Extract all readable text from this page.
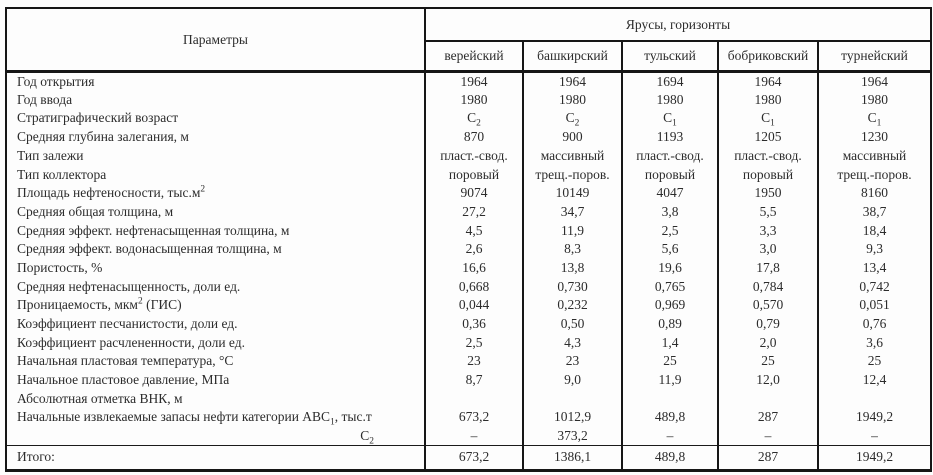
Параметры	Ярусы, горизонты				
	верейский	башкирский	тульский	бобриковский	турнейский
Год открытия	1964	1964	1694	1964	1964
Год ввода	1980	1980	1980	1980	1980
Стратиграфический возраст	$С_2$	$С_2$	$С_1$	$С_1$	$С_1$
Средняя глубина залегания, м	870	900	1193	1205	1230
Тип залежи	пласт.-свод.	массивный	пласт.-свод.	пласт.-свод.	массивный
Тип коллектора	поровый	трещ.-поров.	поровый	поровый	трещ.-поров.
Площадь нефтеносности, $тыс.м^2$	9074	10149	4047	1950	8160
Средняя общая толщина, м	27,2	34,7	3,8	5,5	38,7
Средняя эффект. нефтенасыщенная толщина, м	4,5	11,9	2,5	3,3	18,4
Средняя эффект. водонасыщенная толщина, м	2,6	8,3	5,6	3,0	9,3
Пористость, %	16,6	13,8	19,6	17,8	13,4
Средняя нефтенасыщенность, доли ед.	0,668	0,730	0,765	0,784	0,742
Проницаемость, мкм$^2$ (ГИС)	0,044	0,232	0,969	0,570	0,051
Коэффициент песчанистости, доли ед.	0,36	0,50	0,89	0,79	0,76
Коэффициент расчлененности, доли ед.	2,5	4,3	1,4	2,0	3,6
Начальная пластовая температура, °С	23	23	25	25	25
Начальное пластовое давление, МПа	8,7	9,0	11,9	12,0	12,4
Абсолютная отметка ВНК, м					
Начальные извлекаемые запасы нефти категории $АВС_1$, тыс.т	673,2	1012,9	489,8	287	1949,2
$С_2$	–	373,2	–	–	–
Итого:	673,2	1386,1	489,8	287	1949,2
